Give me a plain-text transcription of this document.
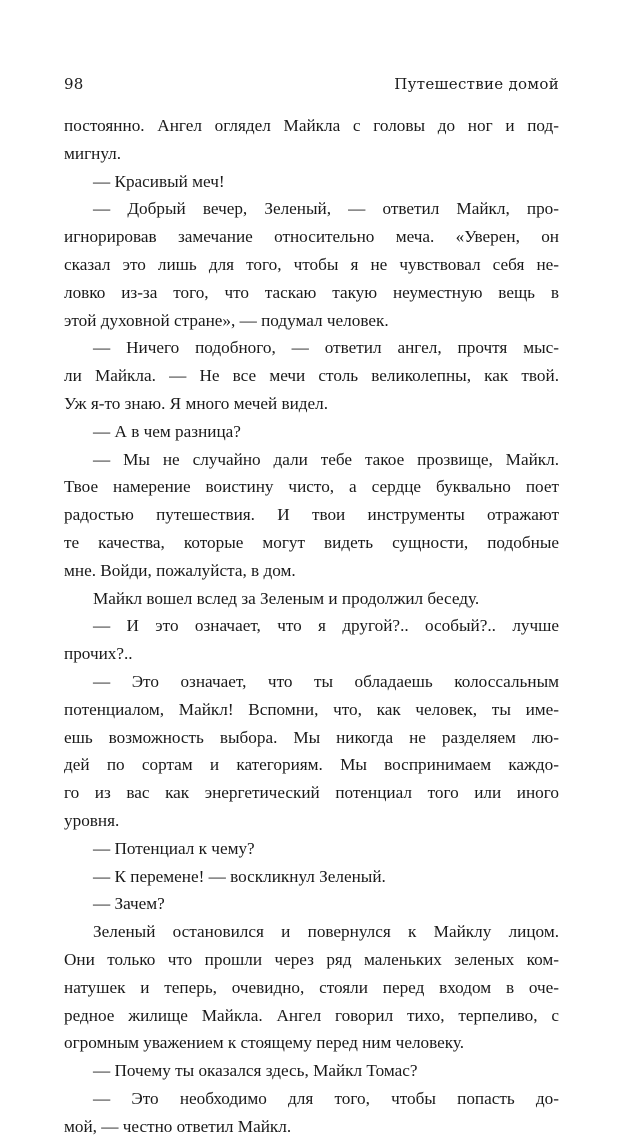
98	Путешествие домой
постоянно. Ангел оглядел Майкла с головы до ног и под-
мигнул.
— Красивый меч!
— Добрый вечер, Зеленый, — ответил Майкл, про-
игнорировав замечание относительно меча. «Уверен, он
сказал это лишь для того, чтобы я не чувствовал себя не-
ловко из-за того, что таскаю такую неуместную вещь в
этой духовной стране», — подумал человек.
— Ничего подобного, — ответил ангел, прочтя мыс-
ли Майкла. — Не все мечи столь великолепны, как твой.
Уж я-то знаю. Я много мечей видел.
— А в чем разница?
— Мы не случайно дали тебе такое прозвище, Майкл.
Твое намерение воистину чисто, а сердце буквально поет
радостью путешествия. И твои инструменты отражают
те качества, которые могут видеть сущности, подобные
мне. Войди, пожалуйста, в дом.
Майкл вошел вслед за Зеленым и продолжил беседу.
— И это означает, что я другой?.. особый?.. лучше
прочих?..
— Это означает, что ты обладаешь колоссальным
потенциалом, Майкл! Вспомни, что, как человек, ты име-
ешь возможность выбора. Мы никогда не разделяем лю-
дей по сортам и категориям. Мы воспринимаем каждо-
го из вас как энергетический потенциал того или иного
уровня.
— Потенциал к чему?
— К перемене! — воскликнул Зеленый.
— Зачем?
Зеленый остановился и повернулся к Майклу лицом.
Они только что прошли через ряд маленьких зеленых ком-
натушек и теперь, очевидно, стояли перед входом в оче-
редное жилище Майкла. Ангел говорил тихо, терпеливо, с
огромным уважением к стоящему перед ним человеку.
— Почему ты оказался здесь, Майкл Томас?
— Это необходимо для того, чтобы попасть до-
мой, — честно ответил Майкл.
